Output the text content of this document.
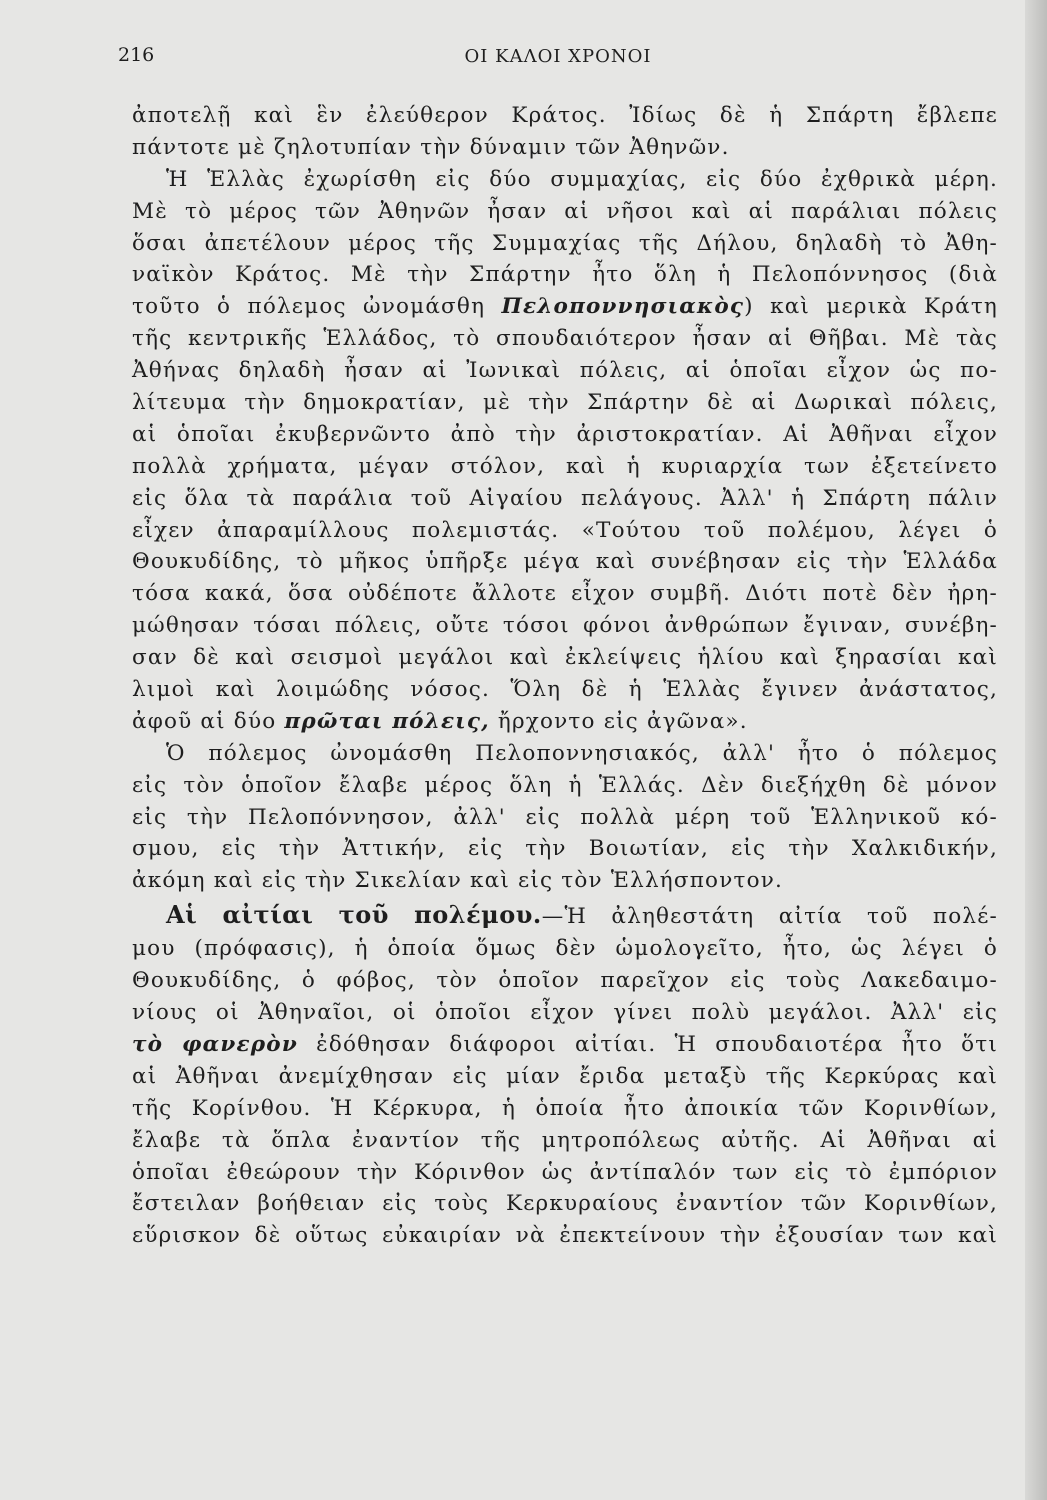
216	ΟΙ ΚΑΛΟΙ ΧΡΟΝΟΙ
ἀποτελῇ καὶ ἓν ἐλεύθερον Κράτος. Ἰδίως δὲ ἡ Σπάρτη ἔβλεπε
πάντοτε μὲ ζηλοτυπίαν τὴν δύναμιν τῶν Ἀθηνῶν.
Ἡ Ἑλλὰς ἐχωρίσθη εἰς δύο συμμαχίας, εἰς δύο ἐχθρικὰ μέρη.
Μὲ τὸ μέρος τῶν Ἀθηνῶν ἦσαν αἱ νῆσοι καὶ αἱ παράλιαι πόλεις
ὅσαι ἀπετέλουν μέρος τῆς Συμμαχίας τῆς Δήλου, δηλαδὴ τὸ Ἀθη-
ναϊκὸν Κράτος. Μὲ τὴν Σπάρτην ἦτο ὅλη ἡ Πελοπόννησος (διὰ
τοῦτο ὁ πόλεμος ὠνομάσθη Πελοποννησιακὸς) καὶ μερικὰ Κράτη
τῆς κεντρικῆς Ἑλλάδος, τὸ σπουδαιότερον ἦσαν αἱ Θῆβαι. Μὲ τὰς
Ἀθήνας δηλαδὴ ἦσαν αἱ Ἰωνικαὶ πόλεις, αἱ ὁποῖαι εἶχον ὡς πο-
λίτευμα τὴν δημοκρατίαν, μὲ τὴν Σπάρτην δὲ αἱ Δωρικαὶ πόλεις,
αἱ ὁποῖαι ἐκυβερνῶντο ἀπὸ τὴν ἀριστοκρατίαν. Αἱ Ἀθῆναι εἶχον
πολλὰ χρήματα, μέγαν στόλον, καὶ ἡ κυριαρχία των ἐξετείνετο
εἰς ὅλα τὰ παράλια τοῦ Αἰγαίου πελάγους. Ἀλλ' ἡ Σπάρτη πάλιν
εἶχεν ἀπαραμίλλους πολεμιστάς. «Τούτου τοῦ πολέμου, λέγει ὁ
Θουκυδίδης, τὸ μῆκος ὑπῆρξε μέγα καὶ συνέβησαν εἰς τὴν Ἑλλάδα
τόσα κακά, ὅσα οὐδέποτε ἄλλοτε εἶχον συμβῆ. Διότι ποτὲ δὲν ἠρη-
μώθησαν τόσαι πόλεις, οὔτε τόσοι φόνοι ἀνθρώπων ἔγιναν, συνέβη-
σαν δὲ καὶ σεισμοὶ μεγάλοι καὶ ἐκλείψεις ἡλίου καὶ ξηρασίαι καὶ
λιμοὶ καὶ λοιμώδης νόσος. Ὅλη δὲ ἡ Ἑλλὰς ἔγινεν ἀνάστατος,
ἀφοῦ αἱ δύο πρῶται πόλεις, ἤρχοντο εἰς ἀγῶνα».
Ὁ πόλεμος ὠνομάσθη Πελοποννησιακός, ἀλλ' ἦτο ὁ πόλεμος
εἰς τὸν ὁποῖον ἔλαβε μέρος ὅλη ἡ Ἑλλάς. Δὲν διεξήχθη δὲ μόνον
εἰς τὴν Πελοπόννησον, ἀλλ' εἰς πολλὰ μέρη τοῦ Ἑλληνικοῦ κό-
σμου, εἰς τὴν Ἀττικήν, εἰς τὴν Βοιωτίαν, εἰς τὴν Χαλκιδικήν,
ἀκόμη καὶ εἰς τὴν Σικελίαν καὶ εἰς τὸν Ἑλλήσποντον.
Αἱ αἰτίαι τοῦ πολέμου.—Ἡ ἀληθεστάτη αἰτία τοῦ πολέ-
μου (πρόφασις), ἡ ὁποία ὅμως δὲν ὡμολογεῖτο, ἦτο, ὡς λέγει ὁ
Θουκυδίδης, ὁ φόβος, τὸν ὁποῖον παρεῖχον εἰς τοὺς Λακεδαιμο-
νίους οἱ Ἀθηναῖοι, οἱ ὁποῖοι εἶχον γίνει πολὺ μεγάλοι. Ἀλλ' εἰς
τὸ φανερὸν ἐδόθησαν διάφοροι αἰτίαι. Ἡ σπουδαιοτέρα ἦτο ὅτι
αἱ Ἀθῆναι ἀνεμίχθησαν εἰς μίαν ἔριδα μεταξὺ τῆς Κερκύρας καὶ
τῆς Κορίνθου. Ἡ Κέρκυρα, ἡ ὁποία ἦτο ἀποικία τῶν Κορινθίων,
ἔλαβε τὰ ὅπλα ἐναντίον τῆς μητροπόλεως αὐτῆς. Αἱ Ἀθῆναι αἱ
ὁποῖαι ἐθεώρουν τὴν Κόρινθον ὡς ἀντίπαλόν των εἰς τὸ ἐμπόριον
ἔστειλαν βοήθειαν εἰς τοὺς Κερκυραίους ἐναντίον τῶν Κορινθίων,
εὕρισκον δὲ οὕτως εὐκαιρίαν νὰ ἐπεκτείνουν τὴν ἐξουσίαν των καὶ
